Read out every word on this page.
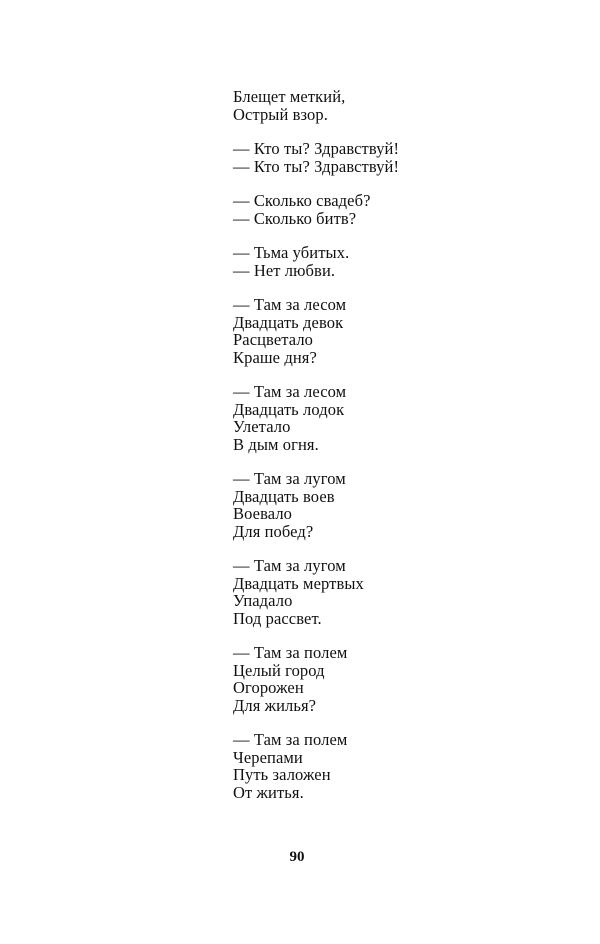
Блещет меткий,
Острый взор.
— Кто ты? Здравствуй!
— Кто ты? Здравствуй!
— Сколько свадеб?
— Сколько битв?
— Тьма убитых.
— Нет любви.
— Там за лесом
Двадцать девок
Расцветало
Краше дня?
— Там за лесом
Двадцать лодок
Улетало
В дым огня.
— Там за лугом
Двадцать воев
Воевало
Для побед?
— Там за лугом
Двадцать мертвых
Упадало
Под рассвет.
— Там за полем
Целый город
Огорожен
Для жилья?
— Там за полем
Черепами
Путь заложен
От житья.
90
